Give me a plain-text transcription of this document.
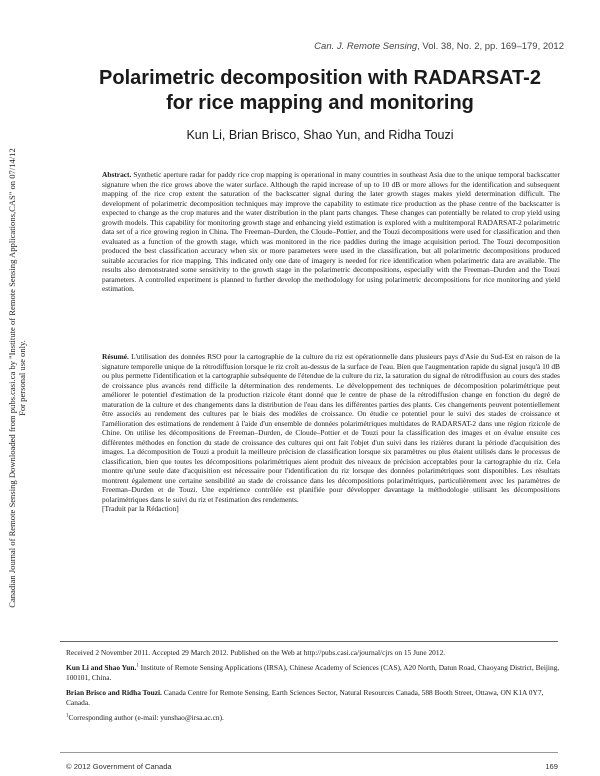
Can. J. Remote Sensing, Vol. 38, No. 2, pp. 169–179, 2012
Canadian Journal of Remote Sensing Downloaded from pubs.casi.ca by "Institute of Remote Sensing Applications,CAS" on 07/14/12 For personal use only.
Polarimetric decomposition with RADARSAT-2
for rice mapping and monitoring
Kun Li, Brian Brisco, Shao Yun, and Ridha Touzi

Abstract. Synthetic aperture radar for paddy rice crop mapping is operational in many countries in southeast Asia due to the unique temporal backscatter signature when the rice grows above the water surface. Although the rapid increase of up to 10 dB or more allows for the identification and subsequent mapping of the rice crop extent the saturation of the backscatter signal during the later growth stages makes yield determination difficult. The development of polarimetric decomposition techniques may improve the capability to estimate rice production as the phase centre of the backscatter is expected to change as the crop matures and the water distribution in the plant parts changes. These changes can potentially be related to crop yield using growth models. This capability for monitoring growth stage and enhancing yield estimation is explored with a multitemporal RADARSAT-2 polarimetric data set of a rice growing region in China. The Freeman–Durden, the Cloude–Pottier, and the Touzi decompositions were used for classification and then evaluated as a function of the growth stage, which was monitored in the rice paddies during the image acquisition period. The Touzi decomposition produced the best classification accuracy when six or more parameters were used in the classification, but all polarimetric decompositions produced suitable accuracies for rice mapping. This indicated only one date of imagery is needed for rice identification when polarimetric data are available. The results also demonstrated some sensitivity to the growth stage in the polarimetric decompositions, especially with the Freeman–Durden and the Touzi parameters. A controlled experiment is planned to further develop the methodology for using polarimetric decompositions for rice monitoring and yield estimation.

Résumé. L'utilisation des données RSO pour la cartographie de la culture du riz est opérationnelle dans plusieurs pays d'Asie du Sud-Est en raison de la signature temporelle unique de la rétrodiffusion lorsque le riz croît au-dessus de la surface de l'eau. Bien que l'augmentation rapide du signal jusqu'à 10 dB ou plus permette l'identification et la cartographie subséquente de l'étendue de la culture du riz, la saturation du signal de rétrodiffusion au cours des stades de croissance plus avancés rend difficile la détermination des rendements. Le développement des techniques de décomposition polarimétrique peut améliorer le potentiel d'estimation de la production rizicole étant donné que le centre de phase de la rétrodiffusion change en fonction du degré de maturation de la culture et des changements dans la distribution de l'eau dans les différentes parties des plants. Ces changements peuvent potentiellement être associés au rendement des cultures par le biais des modèles de croissance. On étudie ce potentiel pour le suivi des stades de croissance et l'amélioration des estimations de rendement à l'aide d'un ensemble de données polarimétriques multidates de RADARSAT-2 dans une région rizicole de Chine. On utilise les décompositions de Freeman–Durden, de Cloude–Pottier et de Touzi pour la classification des images et on évalue ensuite ces différentes méthodes en fonction du stade de croissance des cultures qui ont fait l'objet d'un suivi dans les rizières durant la période d'acquisition des images. La décomposition de Touzi a produit la meilleure précision de classification lorsque six paramètres ou plus étaient utilisés dans le processus de classification, bien que toutes les décompositions polarimétriques aient produit des niveaux de précision acceptables pour la cartographie du riz. Cela montre qu'une seule date d'acquisition est nécessaire pour l'identification du riz lorsque des données polarimétriques sont disponibles. Les résultats montrent également une certaine sensibilité au stade de croissance dans les décompositions polarimétriques, particulièrement avec les paramètres de Freeman–Durden et de Touzi. Une expérience contrôlée est planifiée pour développer davantage la méthodologie utilisant les décompositions polarimétriques dans le suivi du riz et l'estimation des rendements.

[Traduit par la Rédaction]

Received 2 November 2011. Accepted 29 March 2012. Published on the Web at http://pubs.casi.ca/journal/cjrs on 15 June 2012.

Kun Li and Shao Yun.$^1$ Institute of Remote Sensing Applications (IRSA), Chinese Academy of Sciences (CAS), A20 North, Datun Road, Chaoyang District, Beijing, 100101, China.

Brian Brisco and Ridha Touzi. Canada Centre for Remote Sensing, Earth Sciences Sector, Natural Resources Canada, 588 Booth Street, Ottawa, ON K1A 0Y7, Canada.

$^1$Corresponding author (e-mail: yunshao@irsa.ac.cn).

© 2012 Government of Canada	169
